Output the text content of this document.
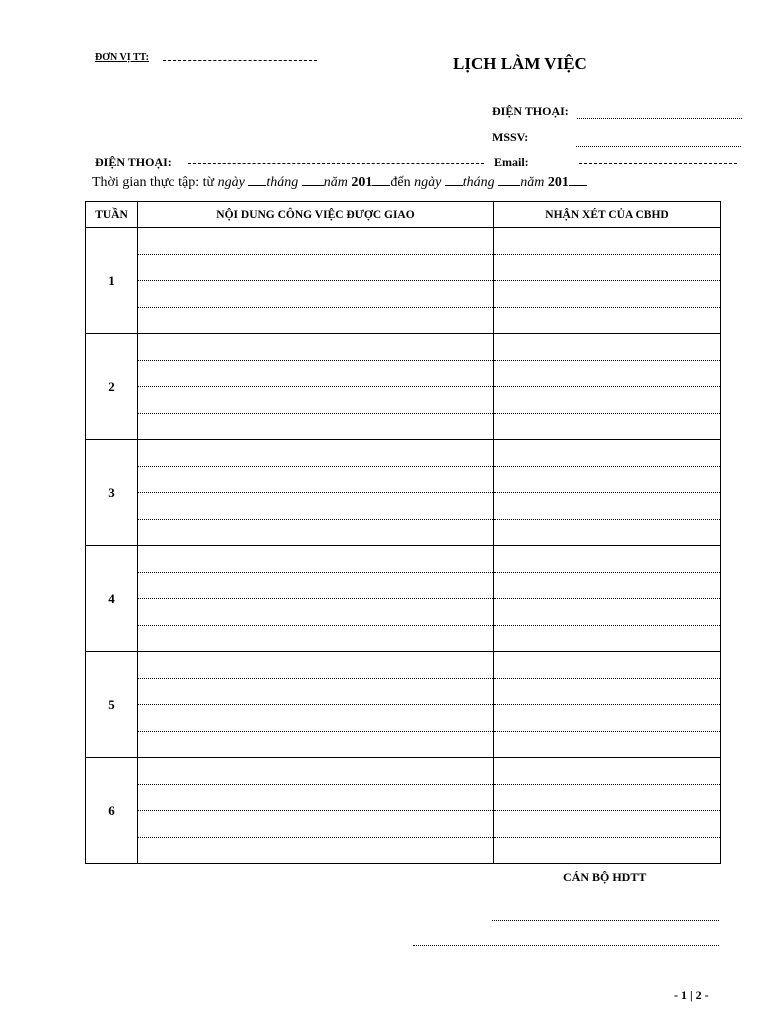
ĐƠN VỊ TT:	LỊCH LÀM VIỆC
ĐIỆN THOẠI:
MSSV:
ĐIỆN THOẠI:	Email:
Thời gian thực tập: từ ngày tháng năm 201 đến ngày tháng năm 201
TUẦN	NỘI DUNG CÔNG VIỆC ĐƯỢC GIAO	NHẬN XÉT CỦA CBHD
1		

2		

3		

4		

5		

6		

CÁN BỘ HDTT
- 1 | 2 -
